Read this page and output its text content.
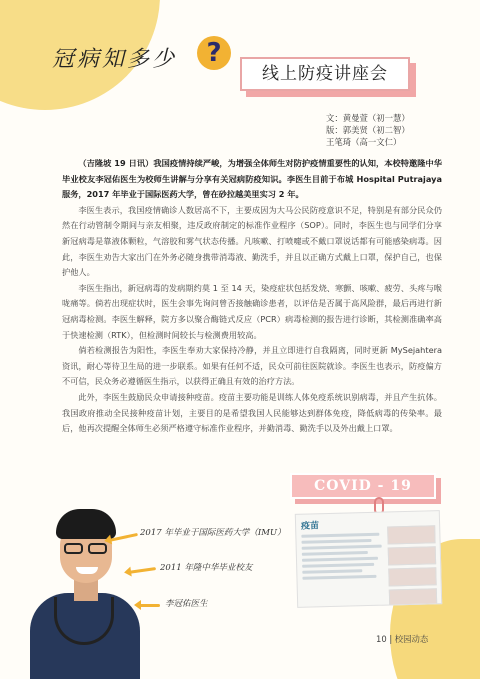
冠病知多少	?
线上防疫讲座会
文：黄曼萱（初一慧）
版：郭美贤（初二智）
王笔琦（高一文仁）

（吉隆坡 19 日讯）我国疫情持续严峻，为增强全体师生对防护疫情重要性的认知，本校特邀隆中华毕业校友李冠佑医生为校师生讲解与分享有关冠病防疫知识。李医生目前于布城 Hospital Putrajaya 服务，2017 年毕业于国际医药大学，曾在砂拉越美里实习 2 年。

李医生表示，我国疫情确诊人数居高不下，主要成因为大马公民防疫意识不足，特别是有部分民众仍然在行动管制令期间与亲友相聚，违反政府制定的标准作业程序（SOP）。同时，李医生也与同学们分享新冠病毒是靠液体颗粒，气溶胶和雾气状态传播。凡咳嗽、打喷嚏或不戴口罩说话都有可能感染病毒。因此，李医生劝告大家出门在外务必随身携带消毒液、勤洗手，并且以正确方式戴上口罩，保护自己，也保护他人。

李医生指出，新冠病毒的发病期约莫 1 至 14 天，染疫症状包括发烧、寒颤、咳嗽、疲劳、头疼与喉咙痛等。倘若出现症状时，医生会事先询问曾否接触确诊患者，以评估是否属于高风险群，最后再进行新冠病毒检测。李医生解释，院方多以聚合酶链式反应（PCR）病毒检测的报告进行诊断，其检测准确率高于快速检测（RTK），但检测时间较长与检测费用较高。

倘若检测报告为阳性，李医生奉劝大家保持冷静，并且立即进行自我隔离，同时更新 MySejahtera 资讯，耐心等待卫生局的进一步联系。如果有任何不适，民众可前往医院就诊。李医生也表示，防疫偏方不可信，民众务必遵循医生指示，以获得正确且有效的治疗方法。

此外，李医生鼓励民众申请接种疫苗。疫苗主要功能是训练人体免疫系统识别病毒，并且产生抗体。我国政府推动全民接种疫苗计划，主要目的是希望我国人民能够达到群体免疫，降低病毒的传染率。最后，他再次提醒全体师生必须严格遵守标准作业程序，并勤消毒、勤洗手以及外出戴上口罩。

COVID - 19
疫苗
2017 年毕业于国际医药大学（IMU）
2011 年隆中华毕业校友
李冠佑医生
10 | 校园动态
